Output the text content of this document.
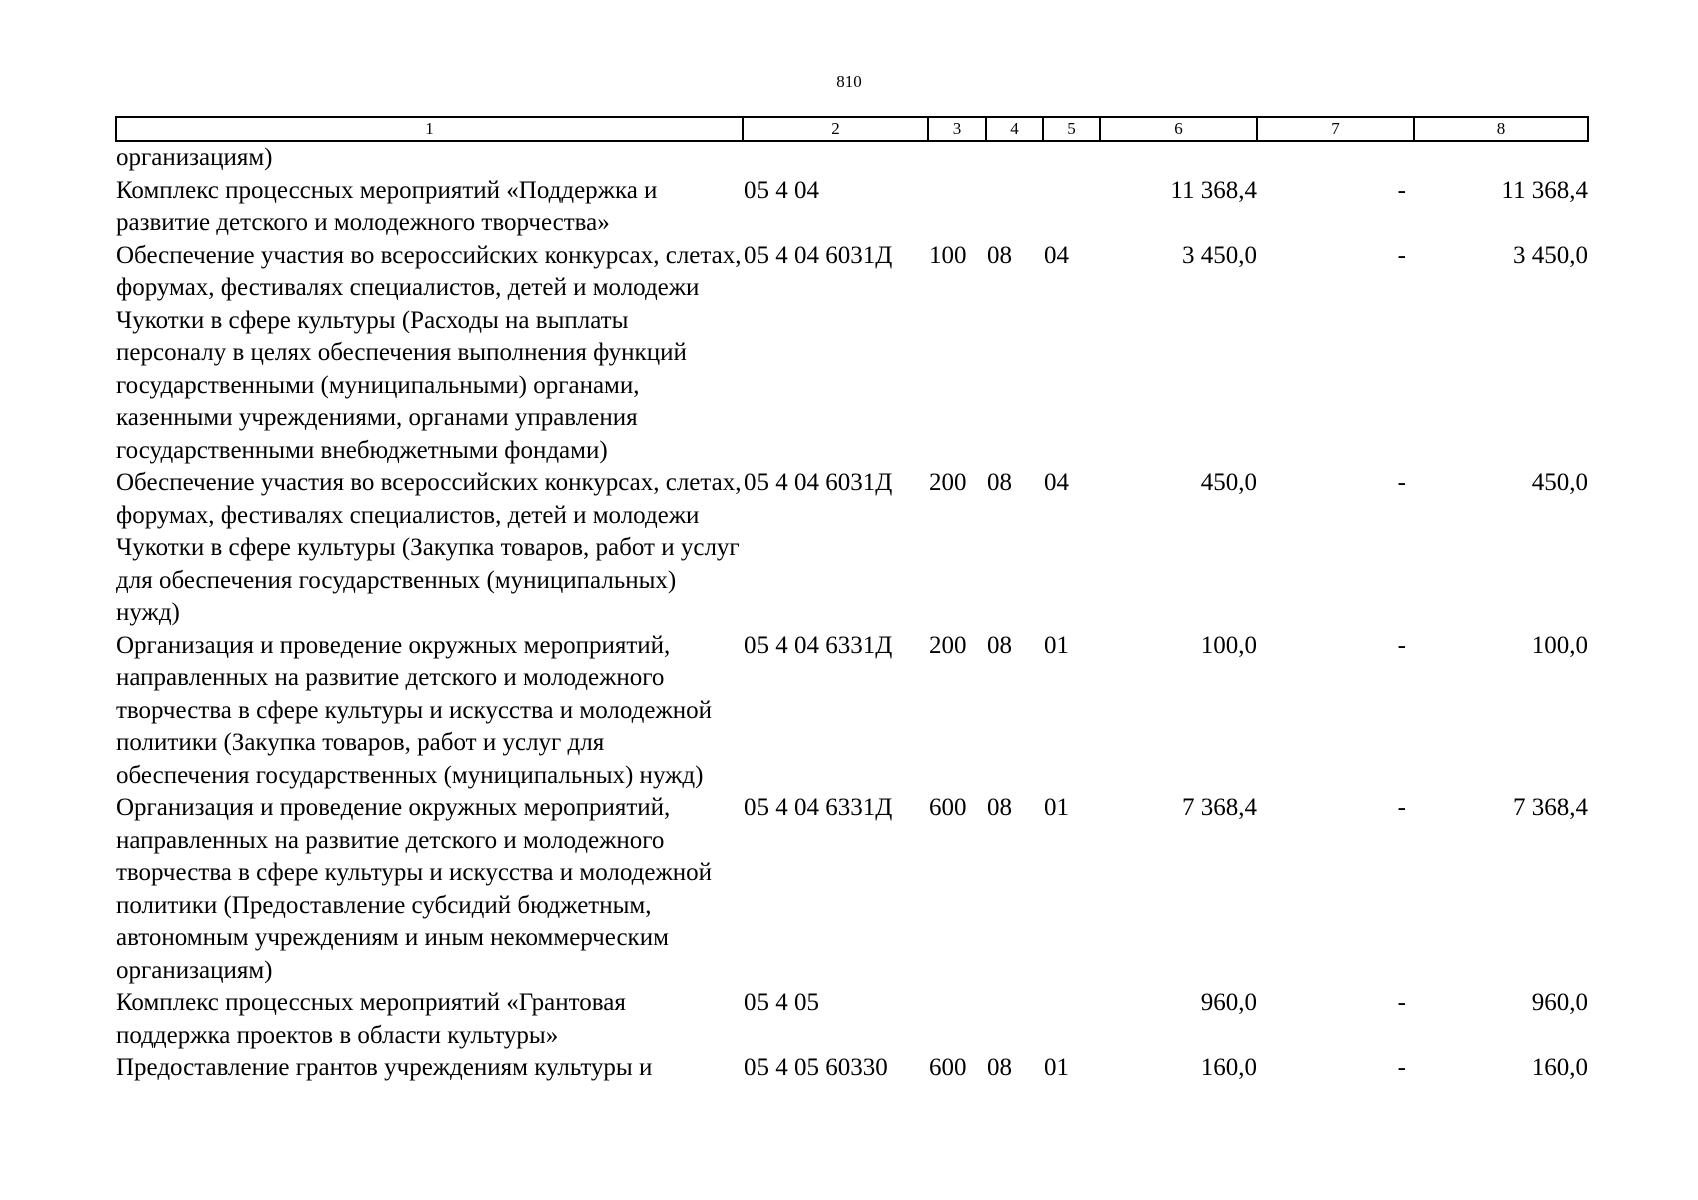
810
1	2	3	4	5	6	7	8
организациям)							
Комплекс процессных мероприятий «Поддержка и развитие детского и молодежного творчества»	05 4 04				11 368,4	-	11 368,4
Обеспечение участия во всероссийских конкурсах, слетах, форумах, фестивалях специалистов, детей и молодежи Чукотки в сфере культуры (Расходы на выплаты персоналу в целях обеспечения выполнения функций государственными (муниципальными) органами, казенными учреждениями, органами управления государственными внебюджетными фондами)	05 4 04 6031Д	100	08	04	3 450,0	-	3 450,0
Обеспечение участия во всероссийских конкурсах, слетах, форумах, фестивалях специалистов, детей и молодежи Чукотки в сфере культуры (Закупка товаров, работ и услуг для обеспечения государственных (муниципальных) нужд)	05 4 04 6031Д	200	08	04	450,0	-	450,0
Организация и проведение окружных мероприятий, направленных на развитие детского и молодежного творчества в сфере культуры и искусства и молодежной политики (Закупка товаров, работ и услуг для обеспечения государственных (муниципальных) нужд)	05 4 04 6331Д	200	08	01	100,0	-	100,0
Организация и проведение окружных мероприятий, направленных на развитие детского и молодежного творчества в сфере культуры и искусства и молодежной политики (Предоставление субсидий бюджетным, автономным учреждениям и иным некоммерческим организациям)	05 4 04 6331Д	600	08	01	7 368,4	-	7 368,4
Комплекс процессных мероприятий «Грантовая поддержка проектов в области культуры»	05 4 05				960,0	-	960,0
Предоставление грантов учреждениям культуры и	05 4 05 60330	600	08	01	160,0	-	160,0
